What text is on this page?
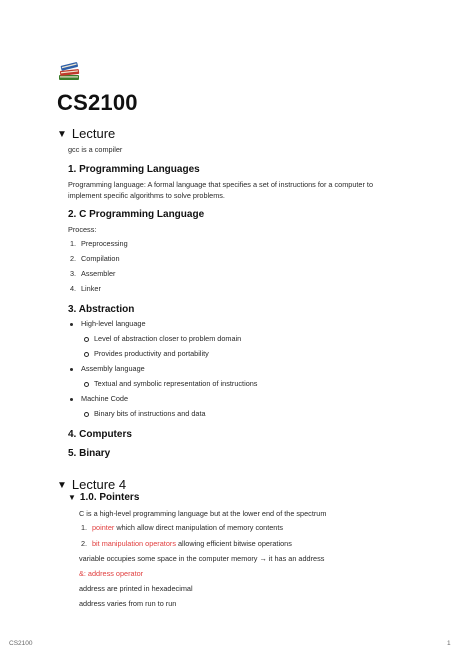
CS2100
▼ Lecture
gcc is a compiler
1. Programming Languages
Programming language: A formal language that specifies a set of instructions for a computer to
implement specific algorithms to solve problems.
2. C Programming Language
Process:
1. Preprocessing
2. Compilation
3. Assembler
4. Linker
3. Abstraction
High-level language
Level of abstraction closer to problem domain
Provides productivity and portability
Assembly language
Textual and symbolic representation of instructions
Machine Code
Binary bits of instructions and data
4. Computers
5. Binary
▼ Lecture 4
▼ 1.0. Pointers
C is a high-level programming language but at the lower end of the spectrum
1. pointer which allow direct manipulation of memory contents
2. bit manipulation operators allowing efficient bitwise operations
variable occupies some space in the computer memory → it has an address
&: address operator
address are printed in hexadecimal
address varies from run to run
CS2100	1
